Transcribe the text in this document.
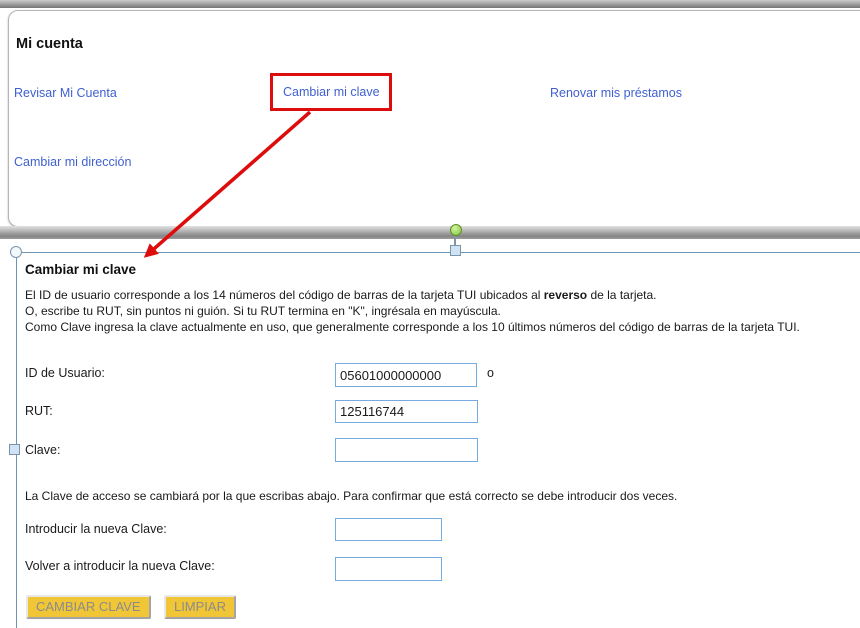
Mi cuenta
Revisar Mi Cuenta	Cambiar mi clave	Renovar mis préstamos
Cambiar mi dirección
Cambiar mi clave
El ID de usuario corresponde a los 14 números del código de barras de la tarjeta TUI ubicados al reverso de la tarjeta.
O, escribe tu RUT, sin puntos ni guión. Si tu RUT termina en "K", ingrésala en mayúscula.
Como Clave ingresa la clave actualmente en uso, que generalmente corresponde a los 10 últimos números del código de barras de la tarjeta TUI.
ID de Usuario:
05601000000000	o
RUT:
125116744
Clave:
La Clave de acceso se cambiará por la que escribas abajo. Para confirmar que está correcto se debe introducir dos veces.
Introducir la nueva Clave:
Volver a introducir la nueva Clave:
CAMBIAR CLAVE	LIMPIAR
